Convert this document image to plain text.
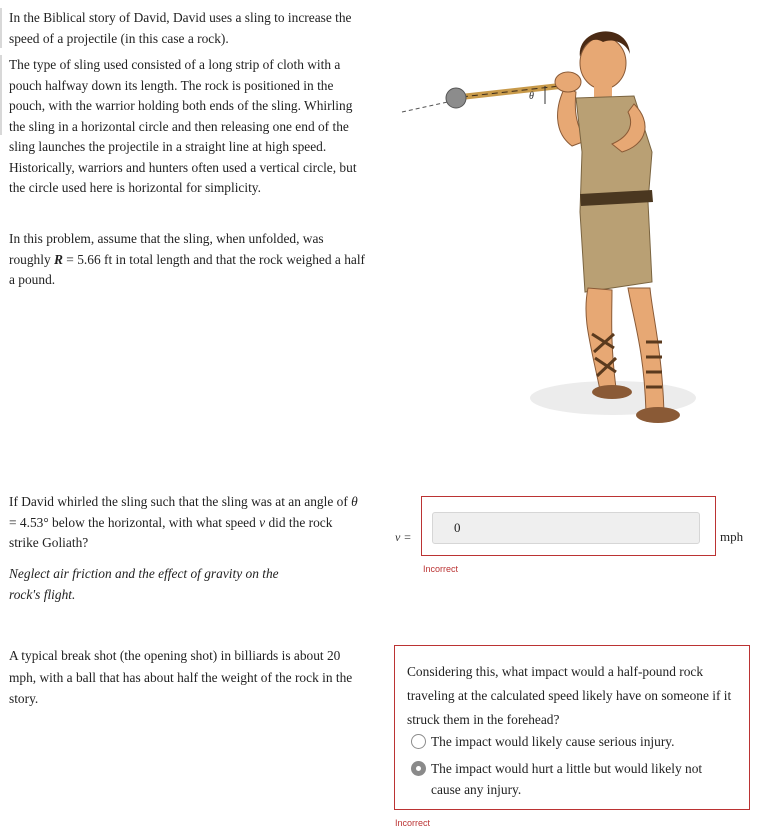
In the Biblical story of David, David uses a sling to increase the speed of a projectile (in this case a rock).
The type of sling used consisted of a long strip of cloth with a pouch halfway down its length. The rock is positioned in the pouch, with the warrior holding both ends of the sling. Whirling the sling in a horizontal circle and then releasing one end of the sling launches the projectile in a straight line at high speed. Historically, warriors and hunters often used a vertical circle, but the circle used here is horizontal for simplicity.
In this problem, assume that the sling, when unfolded, was roughly R = 5.66 ft in total length and that the rock weighed a half a pound.
θ
If David whirled the sling such that the sling was at an angle of θ = 4.53° below the horizontal, with what speed v did the rock strike Goliath?
Neglect air friction and the effect of gravity on the rock's flight.
v =
0
mph
Incorrect
A typical break shot (the opening shot) in billiards is about 20 mph, with a ball that has about half the weight of the rock in the story.
Considering this, what impact would a half-pound rock traveling at the calculated speed likely have on someone if it struck them in the forehead?
The impact would likely cause serious injury.
The impact would hurt a little but would likely not cause any injury.
Incorrect
